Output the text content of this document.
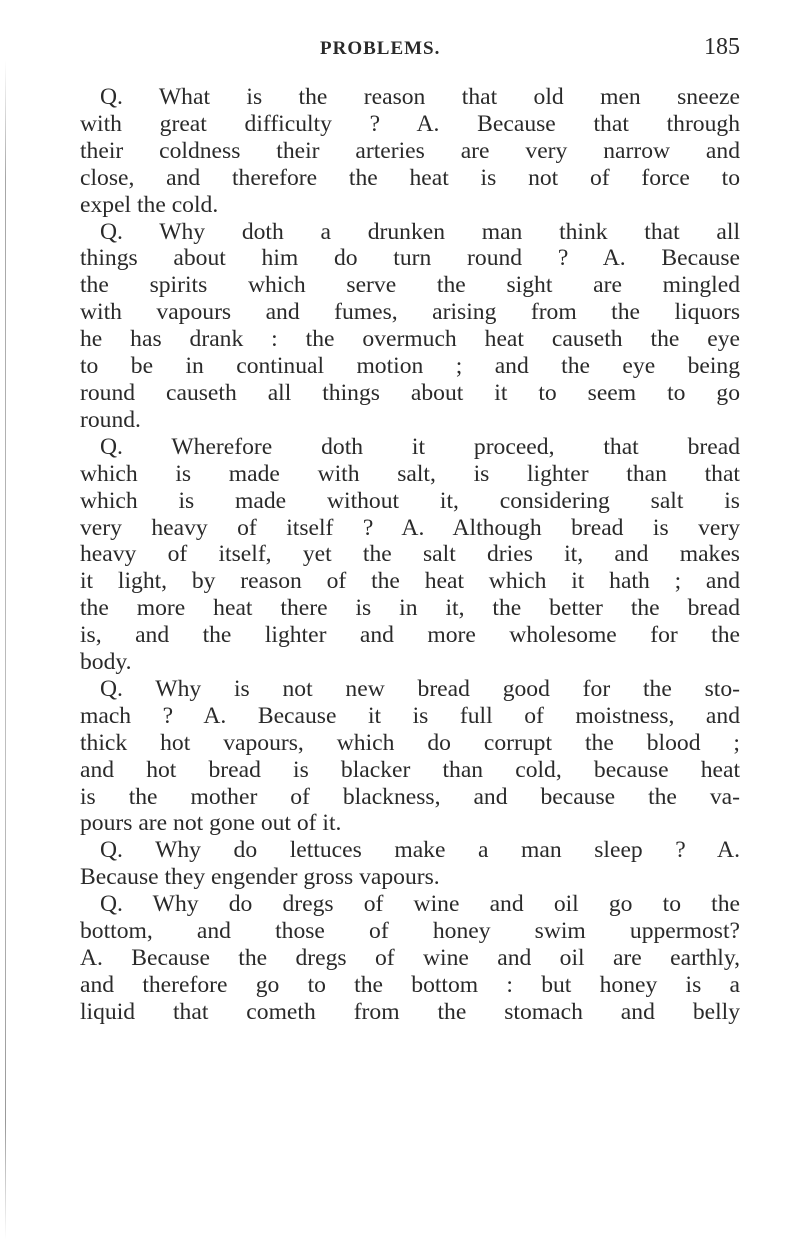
PROBLEMS.	185
Q. What is the reason that old men sneeze
with great difficulty ? A. Because that through
their coldness their arteries are very narrow and
close, and therefore the heat is not of force to
expel the cold.
Q. Why doth a drunken man think that all
things about him do turn round ? A. Because
the spirits which serve the sight are mingled
with vapours and fumes, arising from the liquors
he has drank : the overmuch heat causeth the eye
to be in continual motion ; and the eye being
round causeth all things about it to seem to go
round.
Q. Wherefore doth it proceed, that bread
which is made with salt, is lighter than that
which is made without it, considering salt is
very heavy of itself ? A. Although bread is very
heavy of itself, yet the salt dries it, and makes
it light, by reason of the heat which it hath ; and
the more heat there is in it, the better the bread
is, and the lighter and more wholesome for the
body.
Q. Why is not new bread good for the sto-
mach ? A. Because it is full of moistness, and
thick hot vapours, which do corrupt the blood ;
and hot bread is blacker than cold, because heat
is the mother of blackness, and because the va-
pours are not gone out of it.
Q. Why do lettuces make a man sleep ? A.
Because they engender gross vapours.
Q. Why do dregs of wine and oil go to the
bottom, and those of honey swim uppermost?
A. Because the dregs of wine and oil are earthly,
and therefore go to the bottom : but honey is a
liquid that cometh from the stomach and belly
